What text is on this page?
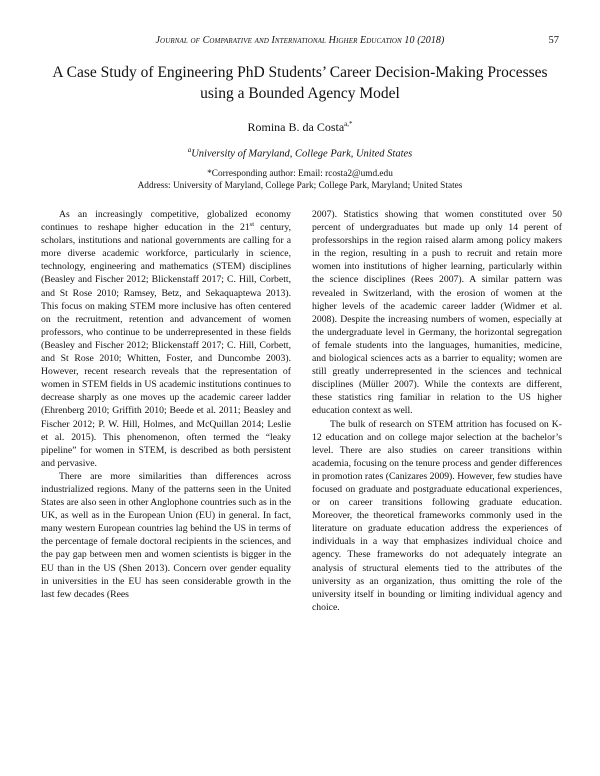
Journal of Comparative and International Higher Education 10 (2018)	57
A Case Study of Engineering PhD Students’ Career Decision-Making Processes using a Bounded Agency Model
Romina B. da Costa$^{a,*}$
$^a$University of Maryland, College Park, United States
*Corresponding author: Email: rcosta2@umd.edu
Address: University of Maryland, College Park; College Park, Maryland; United States

As an increasingly competitive, globalized economy continues to reshape higher education in the 21st century, scholars, institutions and national governments are calling for a more diverse academic workforce, particularly in science, technology, engineering and mathematics (STEM) disciplines (Beasley and Fischer 2012; Blickenstaff 2017; C. Hill, Corbett, and St Rose 2010; Ramsey, Betz, and Sekaquaptewa 2013). This focus on making STEM more inclusive has often centered on the recruitment, retention and advancement of women professors, who continue to be underrepresented in these fields (Beasley and Fischer 2012; Blickenstaff 2017; C. Hill, Corbett, and St Rose 2010; Whitten, Foster, and Duncombe 2003). However, recent research reveals that the representation of women in STEM fields in US academic institutions continues to decrease sharply as one moves up the academic career ladder (Ehrenberg 2010; Griffith 2010; Beede et al. 2011; Beasley and Fischer 2012; P. W. Hill, Holmes, and McQuillan 2014; Leslie et al. 2015). This phenomenon, often termed the “leaky pipeline” for women in STEM, is described as both persistent and pervasive.

There are more similarities than differences across industrialized regions. Many of the patterns seen in the United States are also seen in other Anglophone countries such as in the UK, as well as in the European Union (EU) in general. In fact, many western European countries lag behind the US in terms of the percentage of female doctoral recipients in the sciences, and the pay gap between men and women scientists is bigger in the EU than in the US (Shen 2013). Concern over gender equality in universities in the EU has seen considerable growth in the last few decades (Rees

2007). Statistics showing that women constituted over 50 percent of undergraduates but made up only 14 perent of professorships in the region raised alarm among policy makers in the region, resulting in a push to recruit and retain more women into institutions of higher learning, particularly within the science disciplines (Rees 2007). A similar pattern was revealed in Switzerland, with the erosion of women at the higher levels of the academic career ladder (Widmer et al. 2008). Despite the increasing numbers of women, especially at the undergraduate level in Germany, the horizontal segregation of female students into the languages, humanities, medicine, and biological sciences acts as a barrier to equality; women are still greatly underrepresented in the sciences and technical disciplines (Müller 2007). While the contexts are different, these statistics ring familiar in relation to the US higher education context as well.

The bulk of research on STEM attrition has focused on K-12 education and on college major selection at the bachelor’s level. There are also studies on career transitions within academia, focusing on the tenure process and gender differences in promotion rates (Canizares 2009). However, few studies have focused on graduate and postgraduate educational experiences, or on career transitions following graduate education. Moreover, the theoretical frameworks commonly used in the literature on graduate education address the experiences of individuals in a way that emphasizes individual choice and agency. These frameworks do not adequately integrate an analysis of structural elements tied to the attributes of the university as an organization, thus omitting the role of the university itself in bounding or limiting individual agency and choice.
